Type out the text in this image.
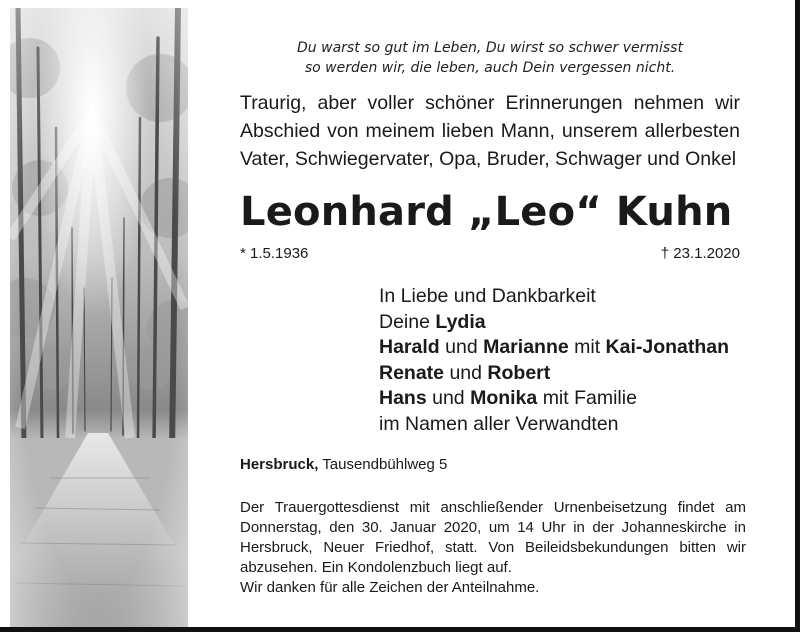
Du warst so gut im Leben, Du wirst so schwer vermisst
so werden wir, die leben, auch Dein vergessen nicht.
Traurig, aber voller schöner Erinnerungen nehmen wir
Abschied von meinem lieben Mann, unserem allerbesten
Vater, Schwiegervater, Opa, Bruder, Schwager und Onkel
Leonhard „Leo“ Kuhn
* 1.5.1936	† 23.1.2020
In Liebe und Dankbarkeit
Deine Lydia
Harald und Marianne mit Kai-Jonathan
Renate und Robert
Hans und Monika mit Familie
im Namen aller Verwandten
Hersbruck, Tausendbühlweg 5
Der Trauergottesdienst mit anschließender Urnenbeisetzung findet am
Donnerstag, den 30. Januar 2020, um 14 Uhr in der Johanneskirche in
Hersbruck, Neuer Friedhof, statt. Von Beileidsbekundungen bitten wir
abzusehen. Ein Kondolenzbuch liegt auf.
Wir danken für alle Zeichen der Anteilnahme.
